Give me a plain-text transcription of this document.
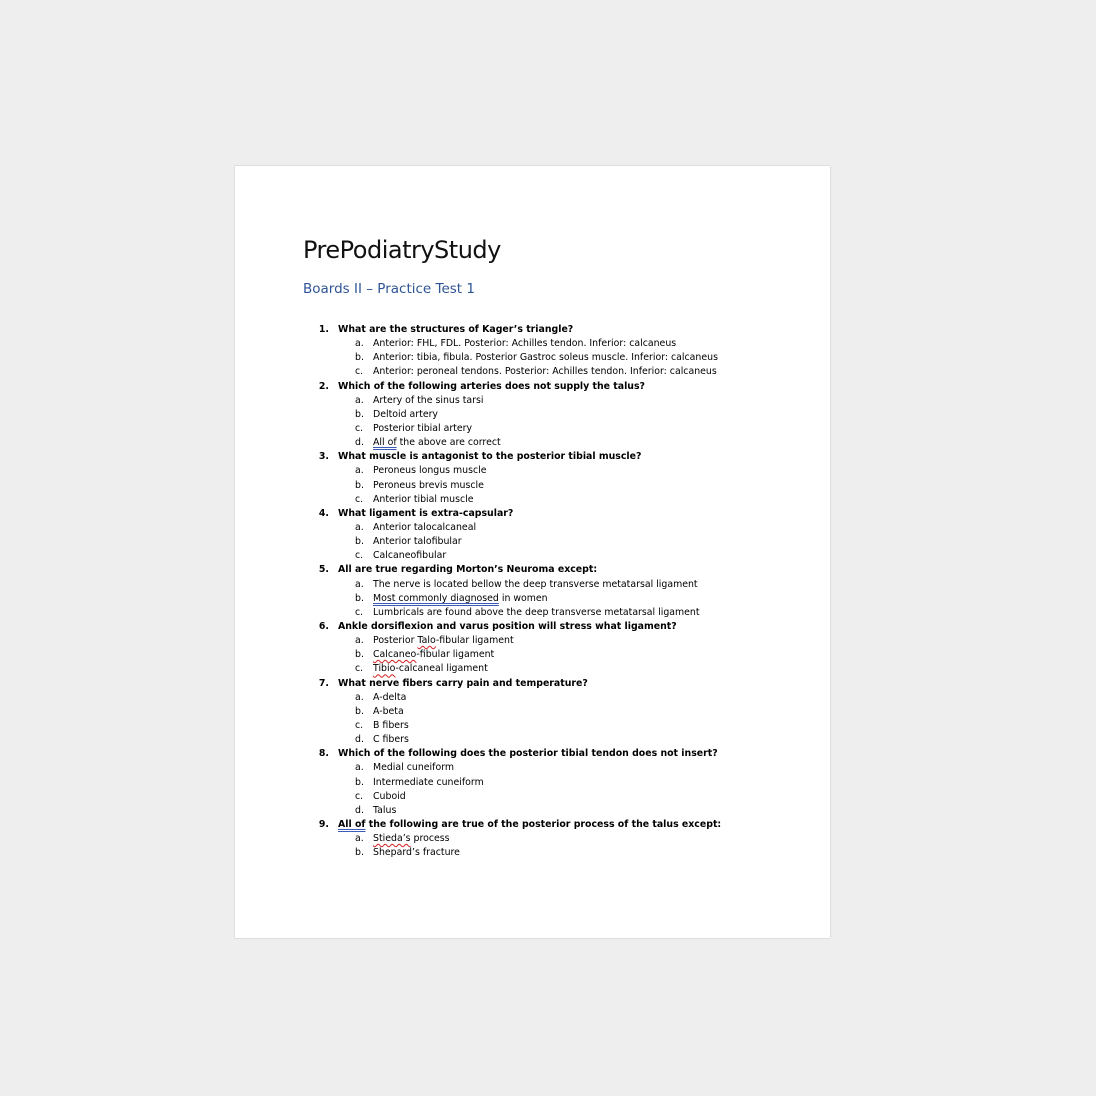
PrePodiatryStudy
Boards II – Practice Test 1
1. What are the structures of Kager’s triangle?
a. Anterior: FHL, FDL. Posterior: Achilles tendon. Inferior: calcaneus
b. Anterior: tibia, fibula. Posterior Gastroc soleus muscle. Inferior: calcaneus
c. Anterior: peroneal tendons. Posterior: Achilles tendon. Inferior: calcaneus
2. Which of the following arteries does not supply the talus?
a. Artery of the sinus tarsi
b. Deltoid artery
c. Posterior tibial artery
d. All of the above are correct
3. What muscle is antagonist to the posterior tibial muscle?
a. Peroneus longus muscle
b. Peroneus brevis muscle
c. Anterior tibial muscle
4. What ligament is extra-capsular?
a. Anterior talocalcaneal
b. Anterior talofibular
c. Calcaneofibular
5. All are true regarding Morton’s Neuroma except:
a. The nerve is located bellow the deep transverse metatarsal ligament
b. Most commonly diagnosed in women
c. Lumbricals are found above the deep transverse metatarsal ligament
6. Ankle dorsiflexion and varus position will stress what ligament?
a. Posterior Talo-fibular ligament
b. Calcaneo-fibular ligament
c. Tibio-calcaneal ligament
7. What nerve fibers carry pain and temperature?
a. A-delta
b. A-beta
c. B fibers
d. C fibers
8. Which of the following does the posterior tibial tendon does not insert?
a. Medial cuneiform
b. Intermediate cuneiform
c. Cuboid
d. Talus
9. All of the following are true of the posterior process of the talus except:
a. Stieda’s process
b. Shepard’s fracture
